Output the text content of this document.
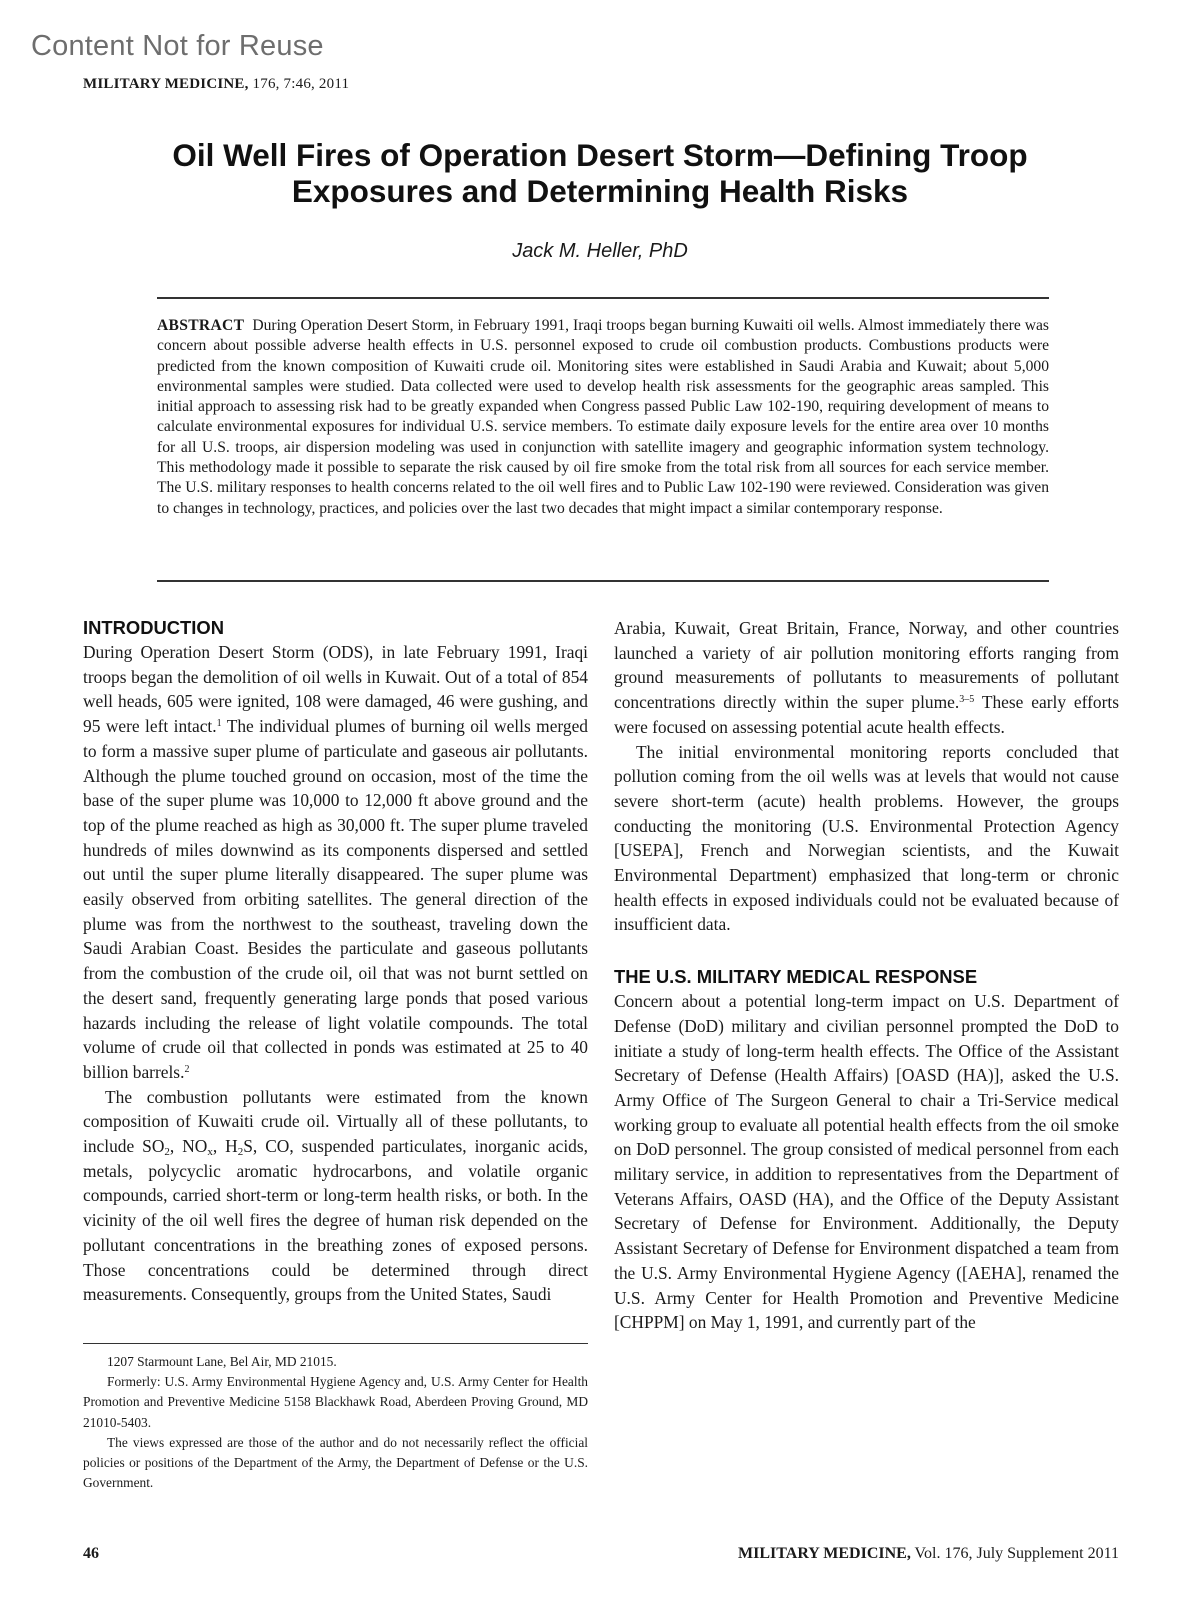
Content Not for Reuse
MILITARY MEDICINE, 176, 7:46, 2011
Oil Well Fires of Operation Desert Storm—Defining Troop Exposures and Determining Health Risks
Jack M. Heller, PhD
ABSTRACT During Operation Desert Storm, in February 1991, Iraqi troops began burning Kuwaiti oil wells. Almost immediately there was concern about possible adverse health effects in U.S. personnel exposed to crude oil combustion products. Combustions products were predicted from the known composition of Kuwaiti crude oil. Monitoring sites were established in Saudi Arabia and Kuwait; about 5,000 environmental samples were studied. Data collected were used to develop health risk assessments for the geographic areas sampled. This initial approach to assessing risk had to be greatly expanded when Congress passed Public Law 102-190, requiring development of means to calculate environmental exposures for individual U.S. service members. To estimate daily exposure levels for the entire area over 10 months for all U.S. troops, air dispersion modeling was used in conjunction with satellite imagery and geographic information system technology. This methodology made it possible to separate the risk caused by oil fire smoke from the total risk from all sources for each service member. The U.S. military responses to health concerns related to the oil well fires and to Public Law 102-190 were reviewed. Consideration was given to changes in technology, practices, and policies over the last two decades that might impact a similar contemporary response.
INTRODUCTION

During Operation Desert Storm (ODS), in late February 1991, Iraqi troops began the demolition of oil wells in Kuwait. Out of a total of 854 well heads, 605 were ignited, 108 were damaged, 46 were gushing, and 95 were left intact.$^1$ The individual plumes of burning oil wells merged to form a massive super plume of particulate and gaseous air pollutants. Although the plume touched ground on occasion, most of the time the base of the super plume was 10,000 to 12,000 ft above ground and the top of the plume reached as high as 30,000 ft. The super plume traveled hundreds of miles downwind as its components dispersed and settled out until the super plume literally disappeared. The super plume was easily observed from orbiting satellites. The general direction of the plume was from the northwest to the southeast, traveling down the Saudi Arabian Coast. Besides the particulate and gaseous pollutants from the combustion of the crude oil, oil that was not burnt settled on the desert sand, frequently generating large ponds that posed various hazards including the release of light volatile compounds. The total volume of crude oil that collected in ponds was estimated at 25 to 40 billion barrels.$^2$

The combustion pollutants were estimated from the known composition of Kuwaiti crude oil. Virtually all of these pollutants, to include $SO_2$, $NO_x$, $H_2S$, CO, suspended particulates, inorganic acids, metals, polycyclic aromatic hydrocarbons, and volatile organic compounds, carried short-term or long-term health risks, or both. In the vicinity of the oil well fires the degree of human risk depended on the pollutant concentrations in the breathing zones of exposed persons. Those concentrations could be determined through direct measurements. Consequently, groups from the United States, Saudi

1207 Starmount Lane, Bel Air, MD 21015.

Formerly: U.S. Army Environmental Hygiene Agency and, U.S. Army Center for Health Promotion and Preventive Medicine 5158 Blackhawk Road, Aberdeen Proving Ground, MD 21010-5403.

The views expressed are those of the author and do not necessarily reflect the official policies or positions of the Department of the Army, the Department of Defense or the U.S. Government.

46	MILITARY MEDICINE, Vol. 176, July Supplement 2011

Arabia, Kuwait, Great Britain, France, Norway, and other countries launched a variety of air pollution monitoring efforts ranging from ground measurements of pollutants to measurements of pollutant concentrations directly within the super plume.$^{3-5}$ These early efforts were focused on assessing potential acute health effects.

The initial environmental monitoring reports concluded that pollution coming from the oil wells was at levels that would not cause severe short-term (acute) health problems. However, the groups conducting the monitoring (U.S. Environmental Protection Agency [USEPA], French and Norwegian scientists, and the Kuwait Environmental Department) emphasized that long-term or chronic health effects in exposed individuals could not be evaluated because of insufficient data.

THE U.S. MILITARY MEDICAL RESPONSE

Concern about a potential long-term impact on U.S. Department of Defense (DoD) military and civilian personnel prompted the DoD to initiate a study of long-term health effects. The Office of the Assistant Secretary of Defense (Health Affairs) [OASD (HA)], asked the U.S. Army Office of The Surgeon General to chair a Tri-Service medical working group to evaluate all potential health effects from the oil smoke on DoD personnel. The group consisted of medical personnel from each military service, in addition to representatives from the Department of Veterans Affairs, OASD (HA), and the Office of the Deputy Assistant Secretary of Defense for Environment. Additionally, the Deputy Assistant Secretary of Defense for Environment dispatched a team from the U.S. Army Environmental Hygiene Agency ([AEHA], renamed the U.S. Army Center for Health Promotion and Preventive Medicine [CHPPM] on May 1, 1991, and currently part of the
